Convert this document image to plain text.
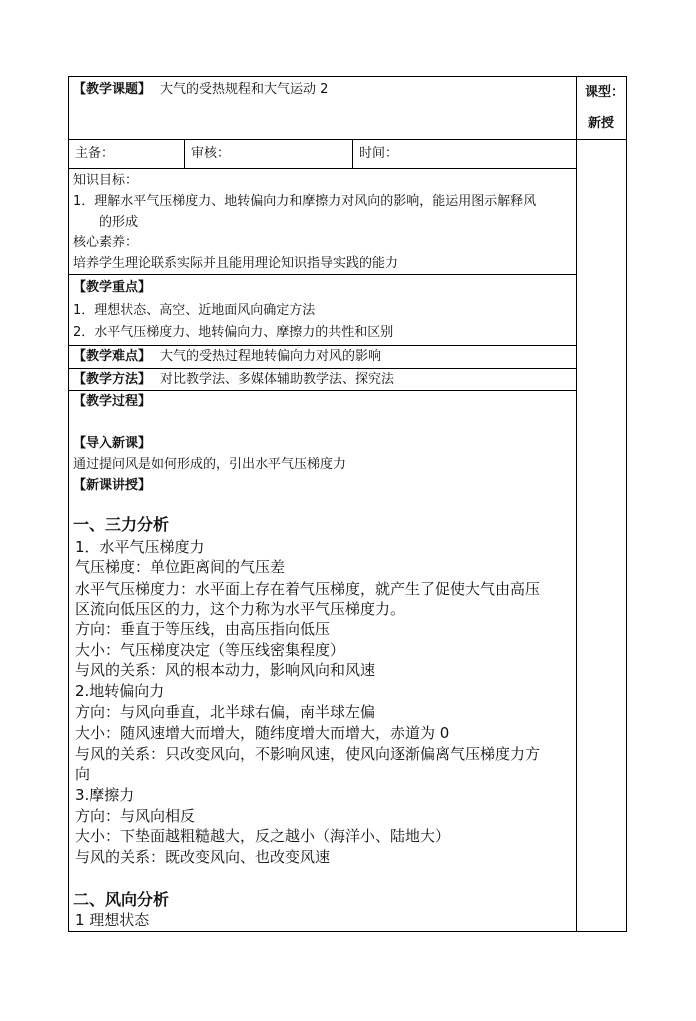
【教学课题】 大气的受热规程和大气运动 2	课型：
新授
主备：	审核：	时间：
知识目标：
1．理解水平气压梯度力、地转偏向力和摩擦力对风向的影响，能运用图示解释风
的形成
核心素养：
培养学生理论联系实际并且能用理论知识指导实践的能力
【教学重点】
1．理想状态、高空、近地面风向确定方法
2．水平气压梯度力、地转偏向力、摩擦力的共性和区别
【教学难点】 大气的受热过程地转偏向力对风的影响
【教学方法】 对比教学法、多媒体辅助教学法、探究法
【教学过程】
【导入新课】
通过提问风是如何形成的，引出水平气压梯度力
【新课讲授】
一、三力分析
1．水平气压梯度力
气压梯度：单位距离间的气压差
水平气压梯度力：水平面上存在着气压梯度，就产生了促使大气由高压
区流向低压区的力，这个力称为水平气压梯度力。
方向：垂直于等压线，由高压指向低压
大小：气压梯度决定（等压线密集程度）
与风的关系：风的根本动力，影响风向和风速
2.地转偏向力
方向：与风向垂直，北半球右偏，南半球左偏
大小：随风速增大而增大，随纬度增大而增大，赤道为 0
与风的关系：只改变风向，不影响风速，使风向逐渐偏离气压梯度力方
向
3.摩擦力
方向：与风向相反
大小：下垫面越粗糙越大，反之越小（海洋小、陆地大）
与风的关系：既改变风向、也改变风速
二、风向分析
1 理想状态
